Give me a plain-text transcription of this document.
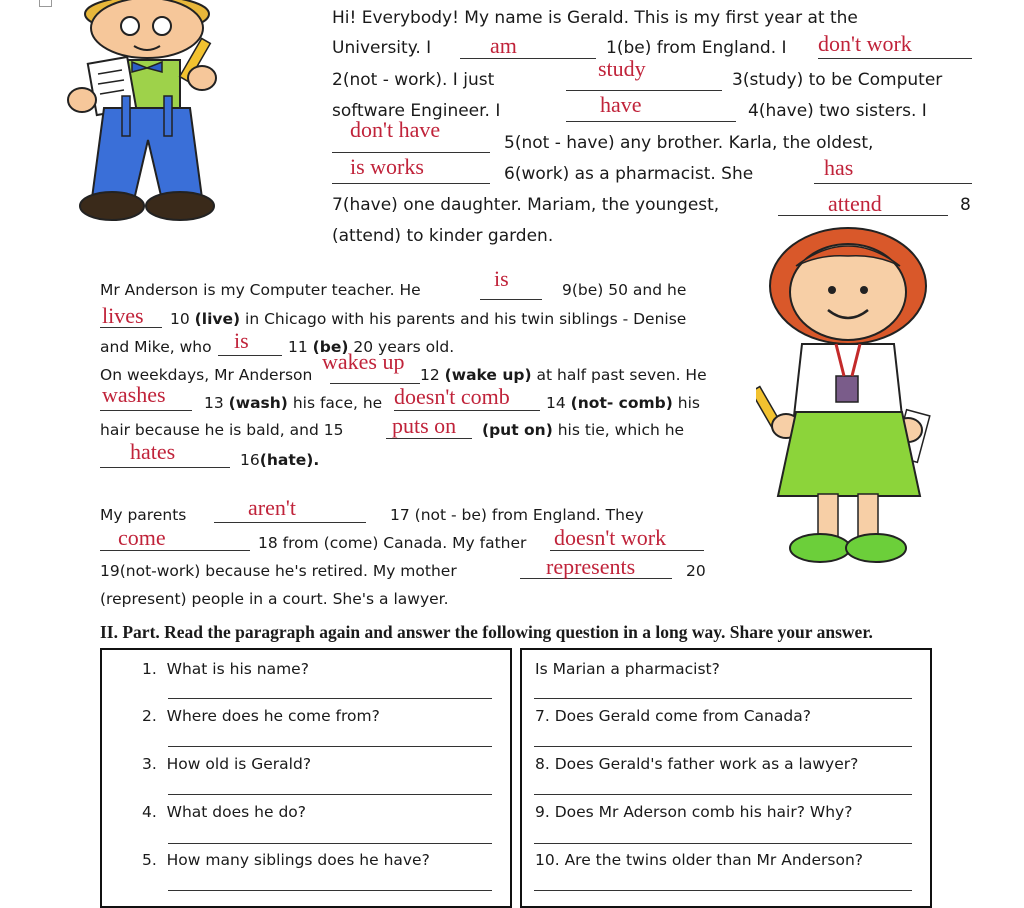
Hi! Everybody! My name is Gerald. This is my first year at the
University. I	am	1(be) from England. I don't work
2(not - work). I just	study	3(study) to be Computer
software Engineer. I	have	4(have) two sisters. I
don't have
5(not - have) any brother. Karla, the oldest,
is works	6(work) as a pharmacist. She	has
7(have) one daughter. Mariam, the youngest,	attend	8
(attend) to kinder garden.
Mr Anderson is my Computer teacher. He	is	9(be) 50 and he
lives 10 (live) in Chicago with his parents and his twin siblings - Denise
and Mike, who is	11 (be) 20 years old.
On weekdays, Mr Anderson
wakes up
12 (wake up) at half past seven. He
washes 13 (wash) his face, he doesn't comb 14 (not- comb) his
hair because he is bald, and 15 puts on (put on) his tie, which he
hates	16(hate).
My parents	aren't	17 (not - be) from England. They
come	18 from (come) Canada. My father doesn't work
19(not-work) because he's retired. My mother	represents	20
(represent) people in a court. She's a lawyer.
II. Part. Read the paragraph again and answer the following question in a long way. Share your answer.
1. What is his name?
2. Where does he come from?
3. How old is Gerald?
4. What does he do?
5. How many siblings does he have?
Is Marian a pharmacist?
7. Does Gerald come from Canada?
8. Does Gerald's father work as a lawyer?
9. Does Mr Aderson comb his hair? Why?
10. Are the twins older than Mr Anderson?
